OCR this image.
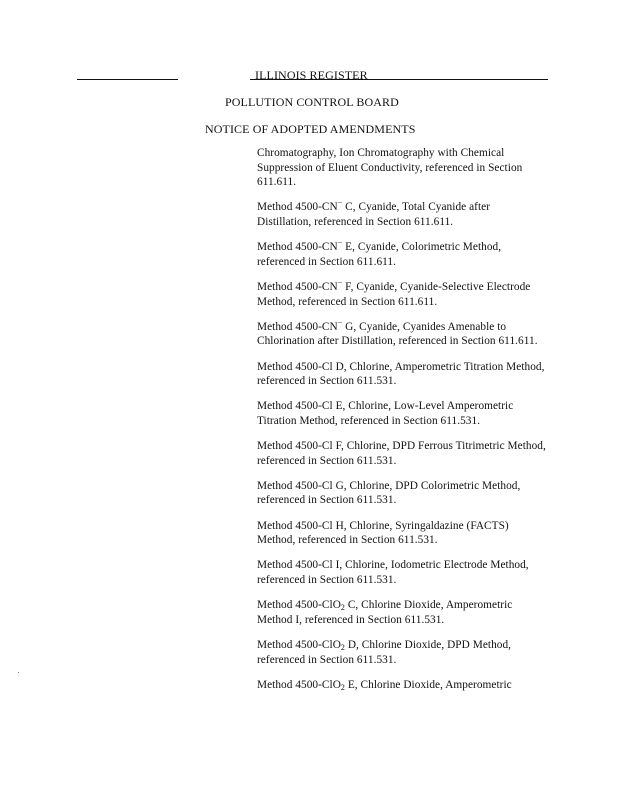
ILLINOIS REGISTER
POLLUTION CONTROL BOARD
NOTICE OF ADOPTED AMENDMENTS

Chromatography, Ion Chromatography with Chemical Suppression of Eluent Conductivity, referenced in Section 611.611.

Method 4500-CN− C, Cyanide, Total Cyanide after Distillation, referenced in Section 611.611.

Method 4500-CN− E, Cyanide, Colorimetric Method, referenced in Section 611.611.

Method 4500-CN− F, Cyanide, Cyanide-Selective Electrode Method, referenced in Section 611.611.

Method 4500-CN− G, Cyanide, Cyanides Amenable to Chlorination after Distillation, referenced in Section 611.611.

Method 4500-Cl D, Chlorine, Amperometric Titration Method, referenced in Section 611.531.

Method 4500-Cl E, Chlorine, Low-Level Amperometric Titration Method, referenced in Section 611.531.

Method 4500-Cl F, Chlorine, DPD Ferrous Titrimetric Method, referenced in Section 611.531.

Method 4500-Cl G, Chlorine, DPD Colorimetric Method, referenced in Section 611.531.

Method 4500-Cl H, Chlorine, Syringaldazine (FACTS) Method, referenced in Section 611.531.

Method 4500-Cl I, Chlorine, Iodometric Electrode Method, referenced in Section 611.531.

Method 4500-ClO$_2$ C, Chlorine Dioxide, Amperometric Method I, referenced in Section 611.531.

Method 4500-ClO$_2$ D, Chlorine Dioxide, DPD Method, referenced in Section 611.531.

Method 4500-ClO$_2$ E, Chlorine Dioxide, Amperometric
